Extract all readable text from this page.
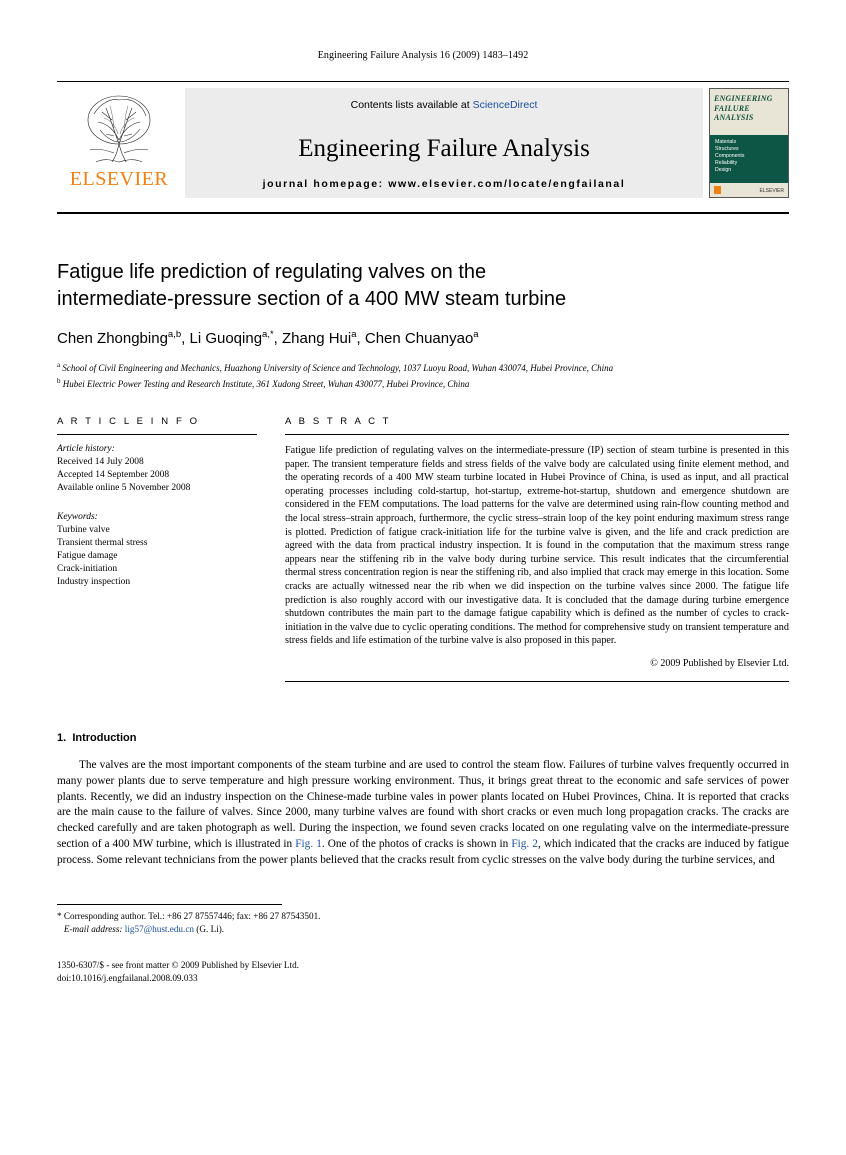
Engineering Failure Analysis 16 (2009) 1483–1492
ELSEVIER
Contents lists available at ScienceDirect
Engineering Failure Analysis
journal homepage: www.elsevier.com/locate/engfailanal
ENGINEERING
FAILURE
ANALYSIS
Materials
Structures
Components
Reliability
Design
ELSEVIER
Fatigue life prediction of regulating valves on the
intermediate-pressure section of a 400 MW steam turbine
Chen Zhongbing$^{a,b}$, Li Guoqing$^{a,*}$, Zhang Hui$^a$, Chen Chuanyao$^a$
$^a$ School of Civil Engineering and Mechanics, Huazhong University of Science and Technology, 1037 Luoyu Road, Wuhan 430074, Hubei Province, China
$^b$ Hubei Electric Power Testing and Research Institute, 361 Xudong Street, Wuhan 430077, Hubei Province, China
A R T I C L E I N F O
Article history:
Received 14 July 2008
Accepted 14 September 2008
Available online 5 November 2008
Keywords:
Turbine valve
Transient thermal stress
Fatigue damage
Crack-initiation
Industry inspection
A B S T R A C T
Fatigue life prediction of regulating valves on the intermediate-pressure (IP) section of steam turbine is presented in this paper. The transient temperature fields and stress fields of the valve body are calculated using finite element method, and the operating records of a 400 MW steam turbine located in Hubei Province of China, is used as input, and all practical operating processes including cold-startup, hot-startup, extreme-hot-startup, shutdown and emergence shutdown are considered in the FEM computations. The load patterns for the valve are determined using rain-flow counting method and the local stress–strain approach, furthermore, the cyclic stress–strain loop of the key point enduring maximum stress range is plotted. Prediction of fatigue crack-initiation life for the turbine valve is given, and the life and crack prediction are agreed with the data from practical industry inspection. It is found in the computation that the maximum stress range appears near the stiffening rib in the valve body during turbine service. This result indicates that the circumferential thermal stress concentration region is near the stiffening rib, and also implied that crack may emerge in this location. Some cracks are actually witnessed near the rib when we did inspection on the turbine valves since 2000. The fatigue life prediction is also roughly accord with our investigative data. It is concluded that the damage during turbine emergence shutdown contributes the main part to the damage fatigue capability which is defined as the number of cycles to crack-initiation in the valve due to cyclic operating conditions. The method for comprehensive study on transient temperature and stress fields and life estimation of the turbine valve is also proposed in this paper.
© 2009 Published by Elsevier Ltd.
1. Introduction
The valves are the most important components of the steam turbine and are used to control the steam flow. Failures of turbine valves frequently occurred in many power plants due to serve temperature and high pressure working environment. Thus, it brings great threat to the economic and safe services of power plants. Recently, we did an industry inspection on the Chinese-made turbine vales in power plants located on Hubei Provinces, China. It is reported that cracks are the main cause to the failure of valves. Since 2000, many turbine valves are found with short cracks or even much long propagation cracks. The cracks are checked carefully and are taken photograph as well. During the inspection, we found seven cracks located on one regulating valve on the intermediate-pressure section of a 400 MW turbine, which is illustrated in Fig. 1. One of the photos of cracks is shown in Fig. 2, which indicated that the cracks are induced by fatigue process. Some relevant technicians from the power plants believed that the cracks result from cyclic stresses on the valve body during the turbine services, and
* Corresponding author. Tel.: +86 27 87557446; fax: +86 27 87543501.
E-mail address: lig57@hust.edu.cn (G. Li).
1350-6307/$ - see front matter © 2009 Published by Elsevier Ltd.
doi:10.1016/j.engfailanal.2008.09.033
